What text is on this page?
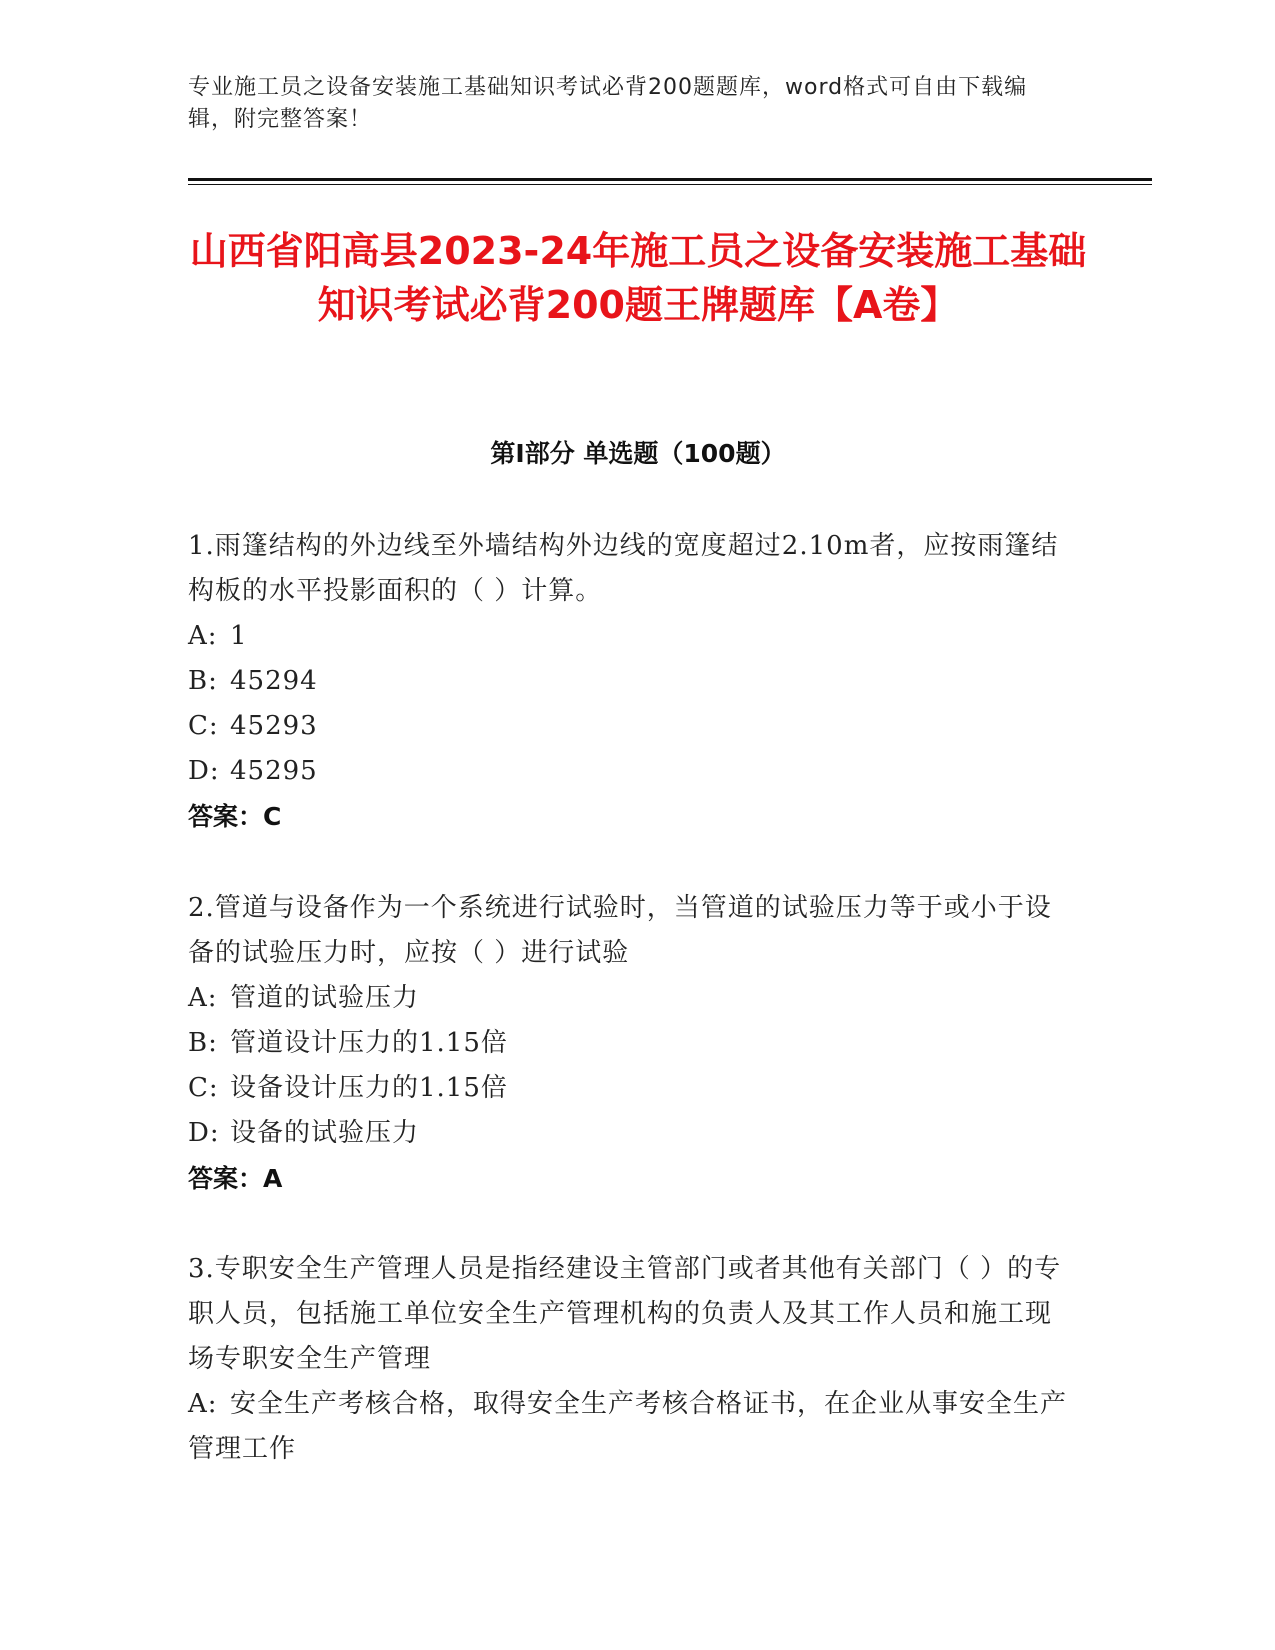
专业施工员之设备安装施工基础知识考试必背200题题库，word格式可自由下载编辑，附完整答案！
山西省阳高县2023-24年施工员之设备安装施工基础知识考试必背200题王牌题库【A卷】
第I部分 单选题（100题）
1.雨篷结构的外边线至外墙结构外边线的宽度超过2.10m者，应按雨篷结构板的水平投影面积的（ ）计算。
A: 1
B: 45294
C: 45293
D: 45295
答案：C
2.管道与设备作为一个系统进行试验时，当管道的试验压力等于或小于设备的试验压力时，应按（ ）进行试验
A: 管道的试验压力
B: 管道设计压力的1.15倍
C: 设备设计压力的1.15倍
D: 设备的试验压力
答案：A
3.专职安全生产管理人员是指经建设主管部门或者其他有关部门（ ）的专职人员，包括施工单位安全生产管理机构的负责人及其工作人员和施工现场专职安全生产管理
A: 安全生产考核合格，取得安全生产考核合格证书，在企业从事安全生产管理工作
